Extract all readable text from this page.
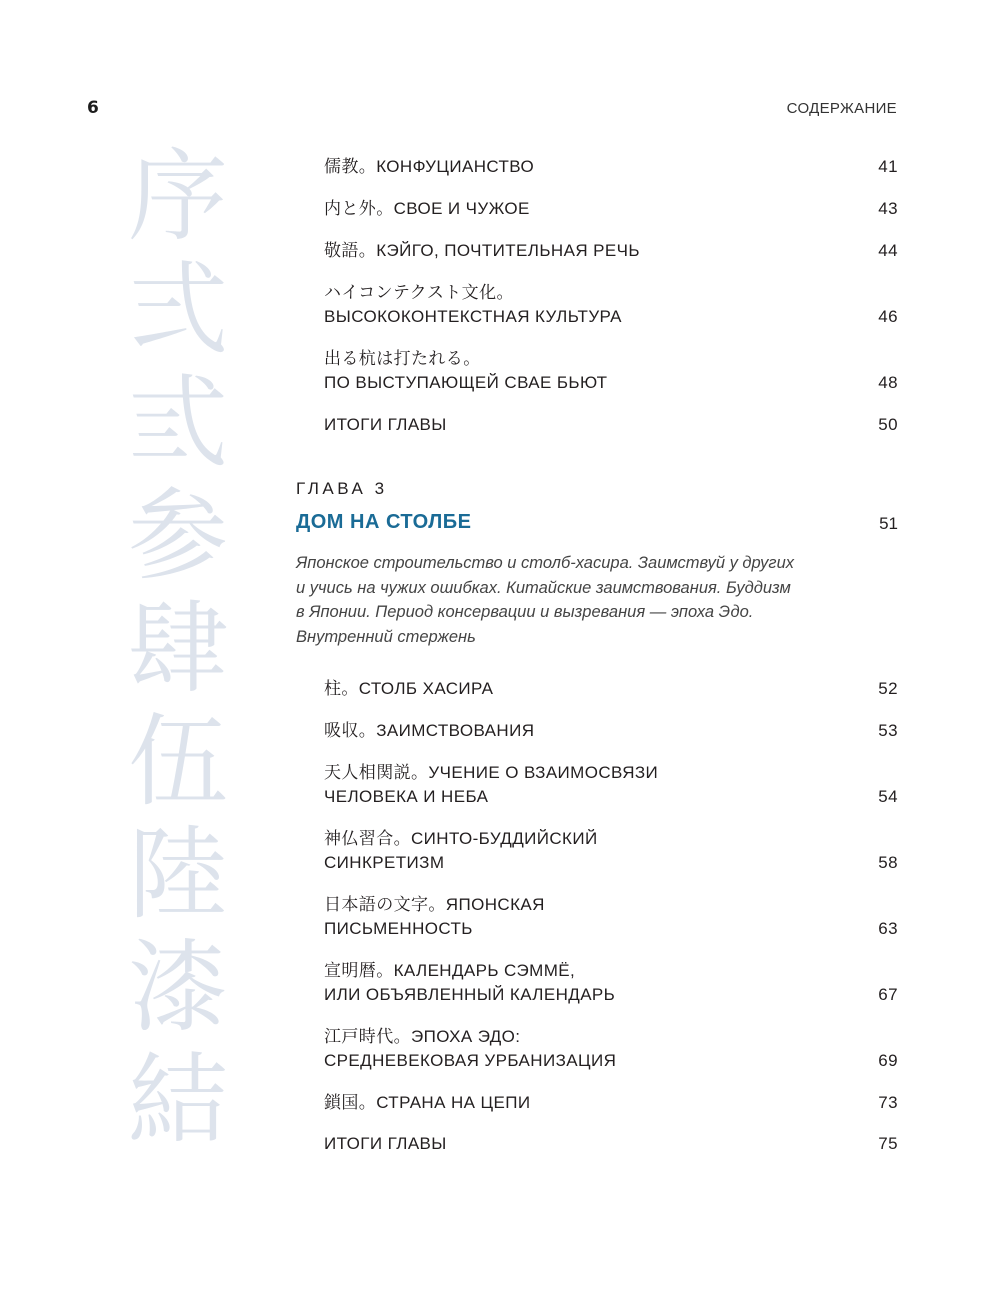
6	СОДЕРЖАНИЕ
序
弍
弎
参
肆
伍
陸
漆
結
儒教。КОНФУЦИАНСТВО	41
内と外。СВОЕ И ЧУЖОЕ	43
敬語。КЭЙГО, ПОЧТИТЕЛЬНАЯ РЕЧЬ	44
ハイコンテクスト文化。
ВЫСОКОКОНТЕКСТНАЯ КУЛЬТУРА	46
出る杭は打たれる。
ПО ВЫСТУПАЮЩЕЙ СВАЕ БЬЮТ	48
ИТОГИ ГЛАВЫ	50
ГЛАВА 3
ДОМ НА СТОЛБЕ	51
Японское строительство и столб-хасира. Заимствуй у других
и учись на чужих ошибках. Китайские заимствования. Буддизм
в Японии. Период консервации и вызревания — эпоха Эдо.
Внутренний стержень
柱。СТОЛБ ХАСИРА	52
吸収。ЗАИМСТВОВАНИЯ	53
天人相関説。УЧЕНИЕ О ВЗАИМОСВЯЗИ
ЧЕЛОВЕКА И НЕБА	54
神仏習合。СИНТО-БУДДИЙСКИЙ
СИНКРЕТИЗМ	58
日本語の文字。ЯПОНСКАЯ
ПИСЬМЕННОСТЬ	63
宣明暦。КАЛЕНДАРЬ СЭММЁ,
ИЛИ ОБЪЯВЛЕННЫЙ КАЛЕНДАРЬ	67
江戸時代。ЭПОХА ЭДО:
СРЕДНЕВЕКОВАЯ УРБАНИЗАЦИЯ	69
鎖国。СТРАНА НА ЦЕПИ	73
ИТОГИ ГЛАВЫ	75
